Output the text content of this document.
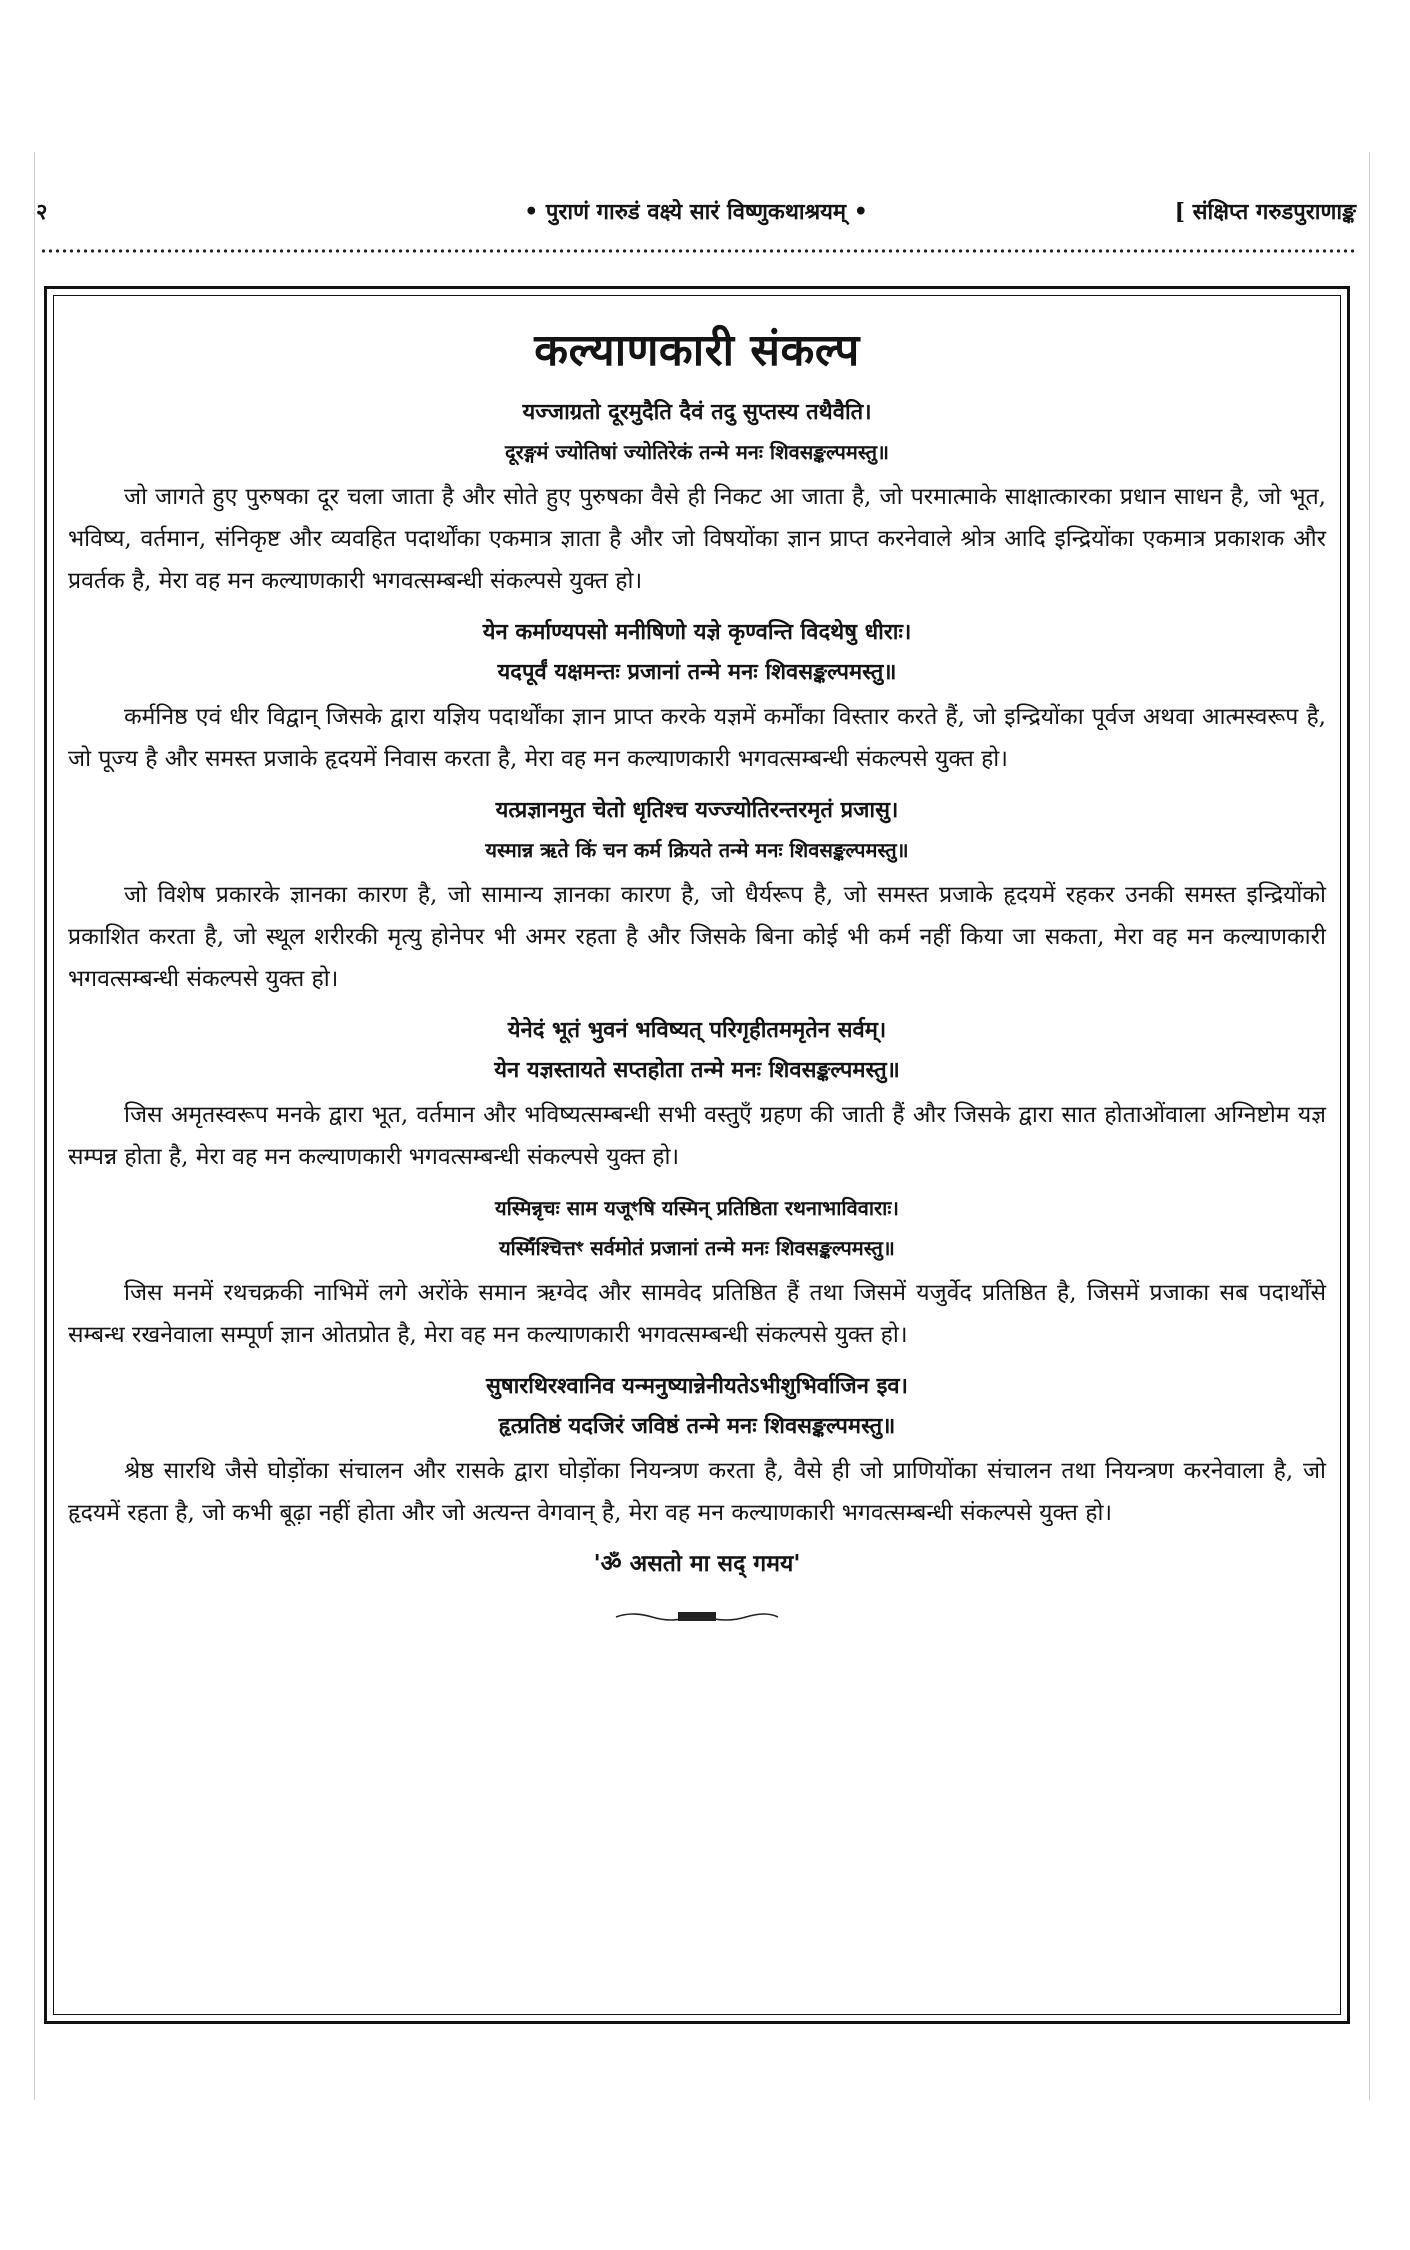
२	• पुराणं गारुडं वक्ष्ये सारं विष्णुकथाश्रयम् •	[ संक्षिप्त गरुडपुराणाङ्क
कल्याणकारी संकल्प
यज्जाग्रतो दूरमुदैति दैवं तदु सुप्तस्य तथैवैति।
दूरङ्गमं ज्योतिषां ज्योतिरेकं तन्मे मनः शिवसङ्कल्पमस्तु॥

जो जागते हुए पुरुषका दूर चला जाता है और सोते हुए पुरुषका वैसे ही निकट आ जाता है, जो परमात्माके साक्षात्कारका प्रधान साधन है, जो भूत, भविष्य, वर्तमान, संनिकृष्ट और व्यवहित पदार्थोंका एकमात्र ज्ञाता है और जो विषयोंका ज्ञान प्राप्त करनेवाले श्रोत्र आदि इन्द्रियोंका एकमात्र प्रकाशक और प्रवर्तक है, मेरा वह मन कल्याणकारी भगवत्सम्बन्धी संकल्पसे युक्त हो।

येन कर्माण्यपसो मनीषिणो यज्ञे कृण्वन्ति विदथेषु धीराः।
यदपूर्वं यक्षमन्तः प्रजानां तन्मे मनः शिवसङ्कल्पमस्तु॥

कर्मनिष्ठ एवं धीर विद्वान् जिसके द्वारा यज्ञिय पदार्थोंका ज्ञान प्राप्त करके यज्ञमें कर्मोंका विस्तार करते हैं, जो इन्द्रियोंका पूर्वज अथवा आत्मस्वरूप है, जो पूज्य है और समस्त प्रजाके हृदयमें निवास करता है, मेरा वह मन कल्याणकारी भगवत्सम्बन्धी संकल्पसे युक्त हो।

यत्प्रज्ञानमुत चेतो धृतिश्च यज्ज्योतिरन्तरमृतं प्रजासु।
यस्मान्न ऋते किं चन कर्म क्रियते तन्मे मनः शिवसङ्कल्पमस्तु॥

जो विशेष प्रकारके ज्ञानका कारण है, जो सामान्य ज्ञानका कारण है, जो धैर्यरूप है, जो समस्त प्रजाके हृदयमें रहकर उनकी समस्त इन्द्रियोंको प्रकाशित करता है, जो स्थूल शरीरकी मृत्यु होनेपर भी अमर रहता है और जिसके बिना कोई भी कर्म नहीं किया जा सकता, मेरा वह मन कल्याणकारी भगवत्सम्बन्धी संकल्पसे युक्त हो।

येनेदं भूतं भुवनं भविष्यत् परिगृहीतममृतेन सर्वम्।
येन यज्ञस्तायते सप्तहोता तन्मे मनः शिवसङ्कल्पमस्तु॥

जिस अमृतस्वरूप मनके द्वारा भूत, वर्तमान और भविष्यत्सम्बन्धी सभी वस्तुएँ ग्रहण की जाती हैं और जिसके द्वारा सात होताओंवाला अग्निष्टोम यज्ञ सम्पन्न होता है, मेरा वह मन कल्याणकारी भगवत्सम्बन्धी संकल्पसे युक्त हो।

यस्मिन्नृचः साम यजूꣳषि यस्मिन् प्रतिष्ठिता रथनाभाविवाराः।
यस्मिँश्चित्तꣳ सर्वमोतं प्रजानां तन्मे मनः शिवसङ्कल्पमस्तु॥

जिस मनमें रथचक्रकी नाभिमें लगे अरोंके समान ऋग्वेद और सामवेद प्रतिष्ठित हैं तथा जिसमें यजुर्वेद प्रतिष्ठित है, जिसमें प्रजाका सब पदार्थोंसे सम्बन्ध रखनेवाला सम्पूर्ण ज्ञान ओतप्रोत है, मेरा वह मन कल्याणकारी भगवत्सम्बन्धी संकल्पसे युक्त हो।

सुषारथिरश्वानिव यन्मनुष्यान्नेनीयतेऽभीशुभिर्वाजिन इव।
हृत्प्रतिष्ठं यदजिरं जविष्ठं तन्मे मनः शिवसङ्कल्पमस्तु॥

श्रेष्ठ सारथि जैसे घोड़ोंका संचालन और रासके द्वारा घोड़ोंका नियन्त्रण करता है, वैसे ही जो प्राणियोंका संचालन तथा नियन्त्रण करनेवाला है, जो हृदयमें रहता है, जो कभी बूढ़ा नहीं होता और जो अत्यन्त वेगवान् है, मेरा वह मन कल्याणकारी भगवत्सम्बन्धी संकल्पसे युक्त हो।

'ॐ असतो मा सद् गमय'
